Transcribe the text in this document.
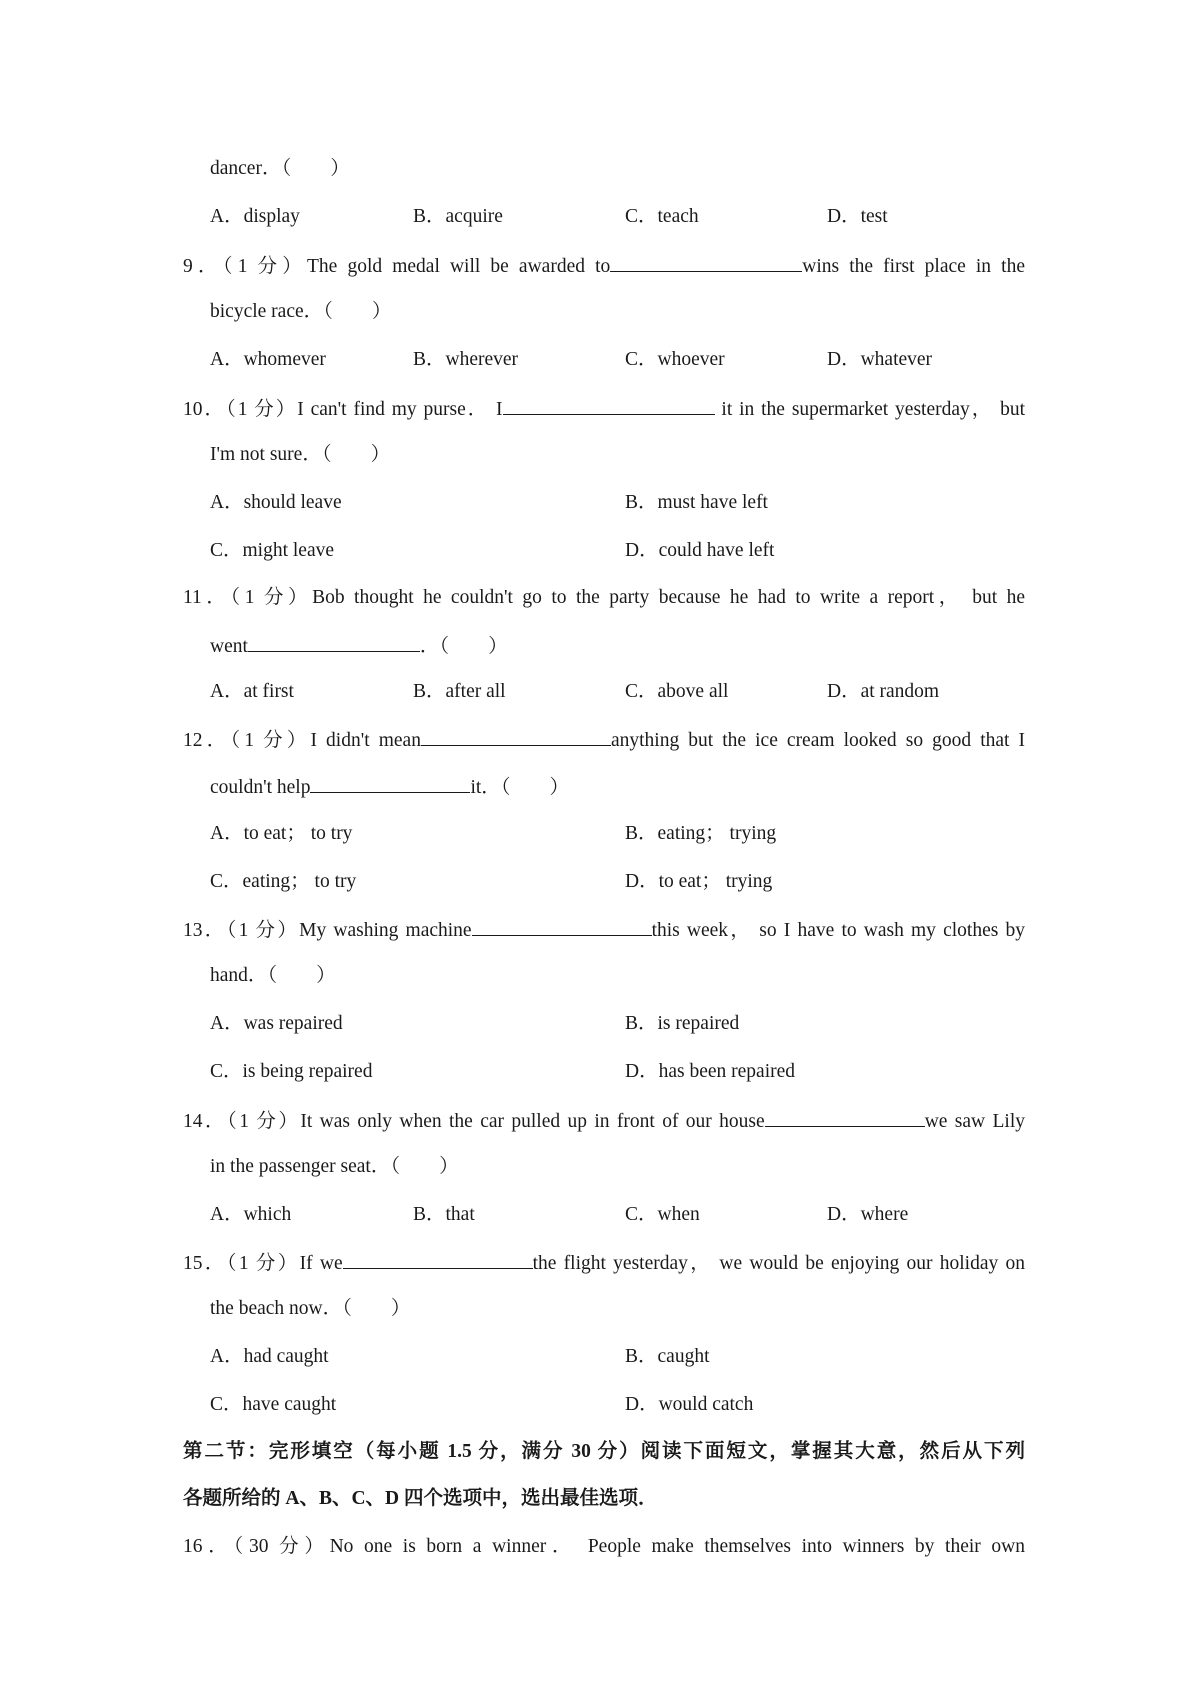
dancer．（　　）
A．display	B．acquire	C．teach	D．test
9．（1 分）The gold medal will be awarded to	wins the first place in the
bicycle race．（　　）
A．whomever	B．wherever	C．whoever	D．whatever
10．（1 分）I can't find my purse． I	it in the supermarket yesterday， but
I'm not sure．（　　）
A．should leave	B．must have left
C．might leave	D．could have left
11．（1 分）Bob thought he couldn't go to the party because he had to write a report， but he
went	．（　　）
A．at first	B．after all	C．above all	D．at random
12．（1 分）I didn't mean	anything but the ice cream looked so good that I
couldn't help	it．（　　）
A．to eat； to try	B．eating； trying
C．eating； to try	D．to eat； trying
13．（1 分）My washing machine	this week， so I have to wash my clothes by
hand．（　　）
A．was repaired	B．is repaired
C．is being repaired	D．has been repaired
14．（1 分）It was only when the car pulled up in front of our house	we saw Lily
in the passenger seat．（　　）
A．which	B．that	C．when	D．where
15．（1 分）If we	the flight yesterday， we would be enjoying our holiday on
the beach now．（　　）
A．had caught	B．caught
C．have caught	D．would catch
第二节：完形填空（每小题 1.5 分，满分 30 分）阅读下面短文，掌握其大意，然后从下列
各题所给的 A、B、C、D 四个选项中，选出最佳选项．
16．（30 分）No one is born a winner． People make themselves into winners by their own
